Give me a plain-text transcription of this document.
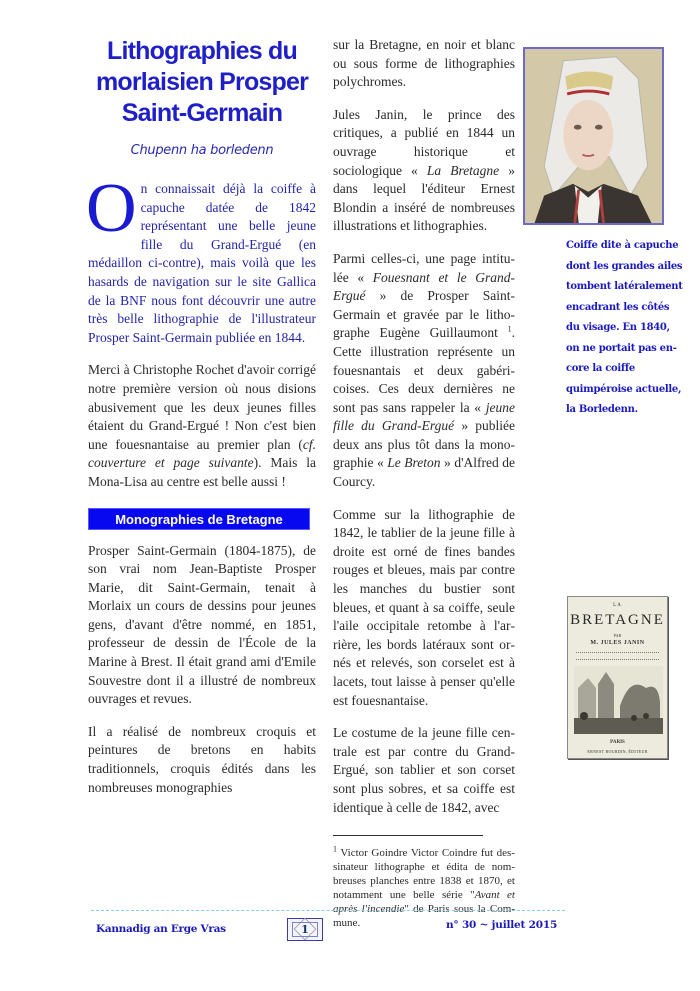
Lithographies du
morlaisien Prosper
Saint-Germain
Chupenn ha borledenn

On connaissait déjà la coiffe à capuche datée de 1842 représentant une belle jeune fille du Grand-Ergué (en médaillon ci-contre), mais voilà que les hasards de navigation sur le site Gallica de la BNF nous font découvrir une autre très belle lithographie de l'illustrateur Prosper Saint-Germain publiée en 1844.

Merci à Christophe Rochet d'avoir corrigé notre première version où nous disions abusivement que les deux jeunes filles étaient du Grand-Ergué ! Non c'est bien une fouesnantaise au premier plan (cf. couverture et page suivante). Mais la Mona-Lisa au centre est belle aussi !

Monographies de Bretagne

Prosper Saint-Germain (1804-1875), de son vrai nom Jean-Baptiste Prosper Marie, dit Saint-Germain, tenait à Morlaix un cours de dessins pour jeunes gens, d'avant d'être nommé, en 1851, professeur de dessin de l'École de la Marine à Brest. Il était grand ami d'Emile Souvestre dont il a illustré de nombreux ouvrages et revues.

Il a réalisé de nombreux croquis et peintures de bretons en habits traditionnels, croquis édités dans les nombreuses monographies

sur la Bretagne, en noir et blanc ou sous forme de lithographies polychromes.

Jules Janin, le prince des critiques, a publié en 1844 un ouvrage historique et sociologique « La Bretagne » dans lequel l'éditeur Ernest Blondin a inséré de nombreuses illustrations et lithographies.

Parmi celles-ci, une page intitulée « Fouesnant et le Grand-Ergué » de Prosper Saint-Germain et gravée par le lithographe Eugène Guillaumont $^1$. Cette illustration représente un fouesnantais et deux gabéricoises. Ces deux dernières ne sont pas sans rappeler la « jeune fille du Grand-Ergué » publiée deux ans plus tôt dans la monographie « Le Breton » d'Alfred de Courcy.

Comme sur la lithographie de 1842, le tablier de la jeune fille à droite est orné de fines bandes rouges et bleues, mais par contre les manches du bustier sont bleues, et quant à sa coiffe, seule l'aile occipitale retombe à l'arrière, les bords latéraux sont ornés et relevés, son corselet est à lacets, tout laisse à penser qu'elle est fouesnantaise.

Le costume de la jeune fille centrale est par contre du Grand-Ergué, son tablier et son corset sont plus sobres, et sa coiffe est identique à celle de 1842, avec

$^1$ Victor Goindre Victor Coindre fut dessinateur lithographe et édita de nombreuses planches entre 1838 et 1870, et notamment une belle série "Avant et après l'incendie" de Paris sous la Commune.

Coiffe dite à capuche dont les grandes ailes tombent latéralement encadrant les côtés du visage. En 1840, on ne portait pas encore la coiffe quimpéroise actuelle, la Borledenn.
LA
BRETAGNE
PAR
M. JULES JANIN
PARIS
ERNEST BOURDIN, ÉDITEUR
Kannadig an Erge Vras	1	n° 30 ~ juillet 2015
